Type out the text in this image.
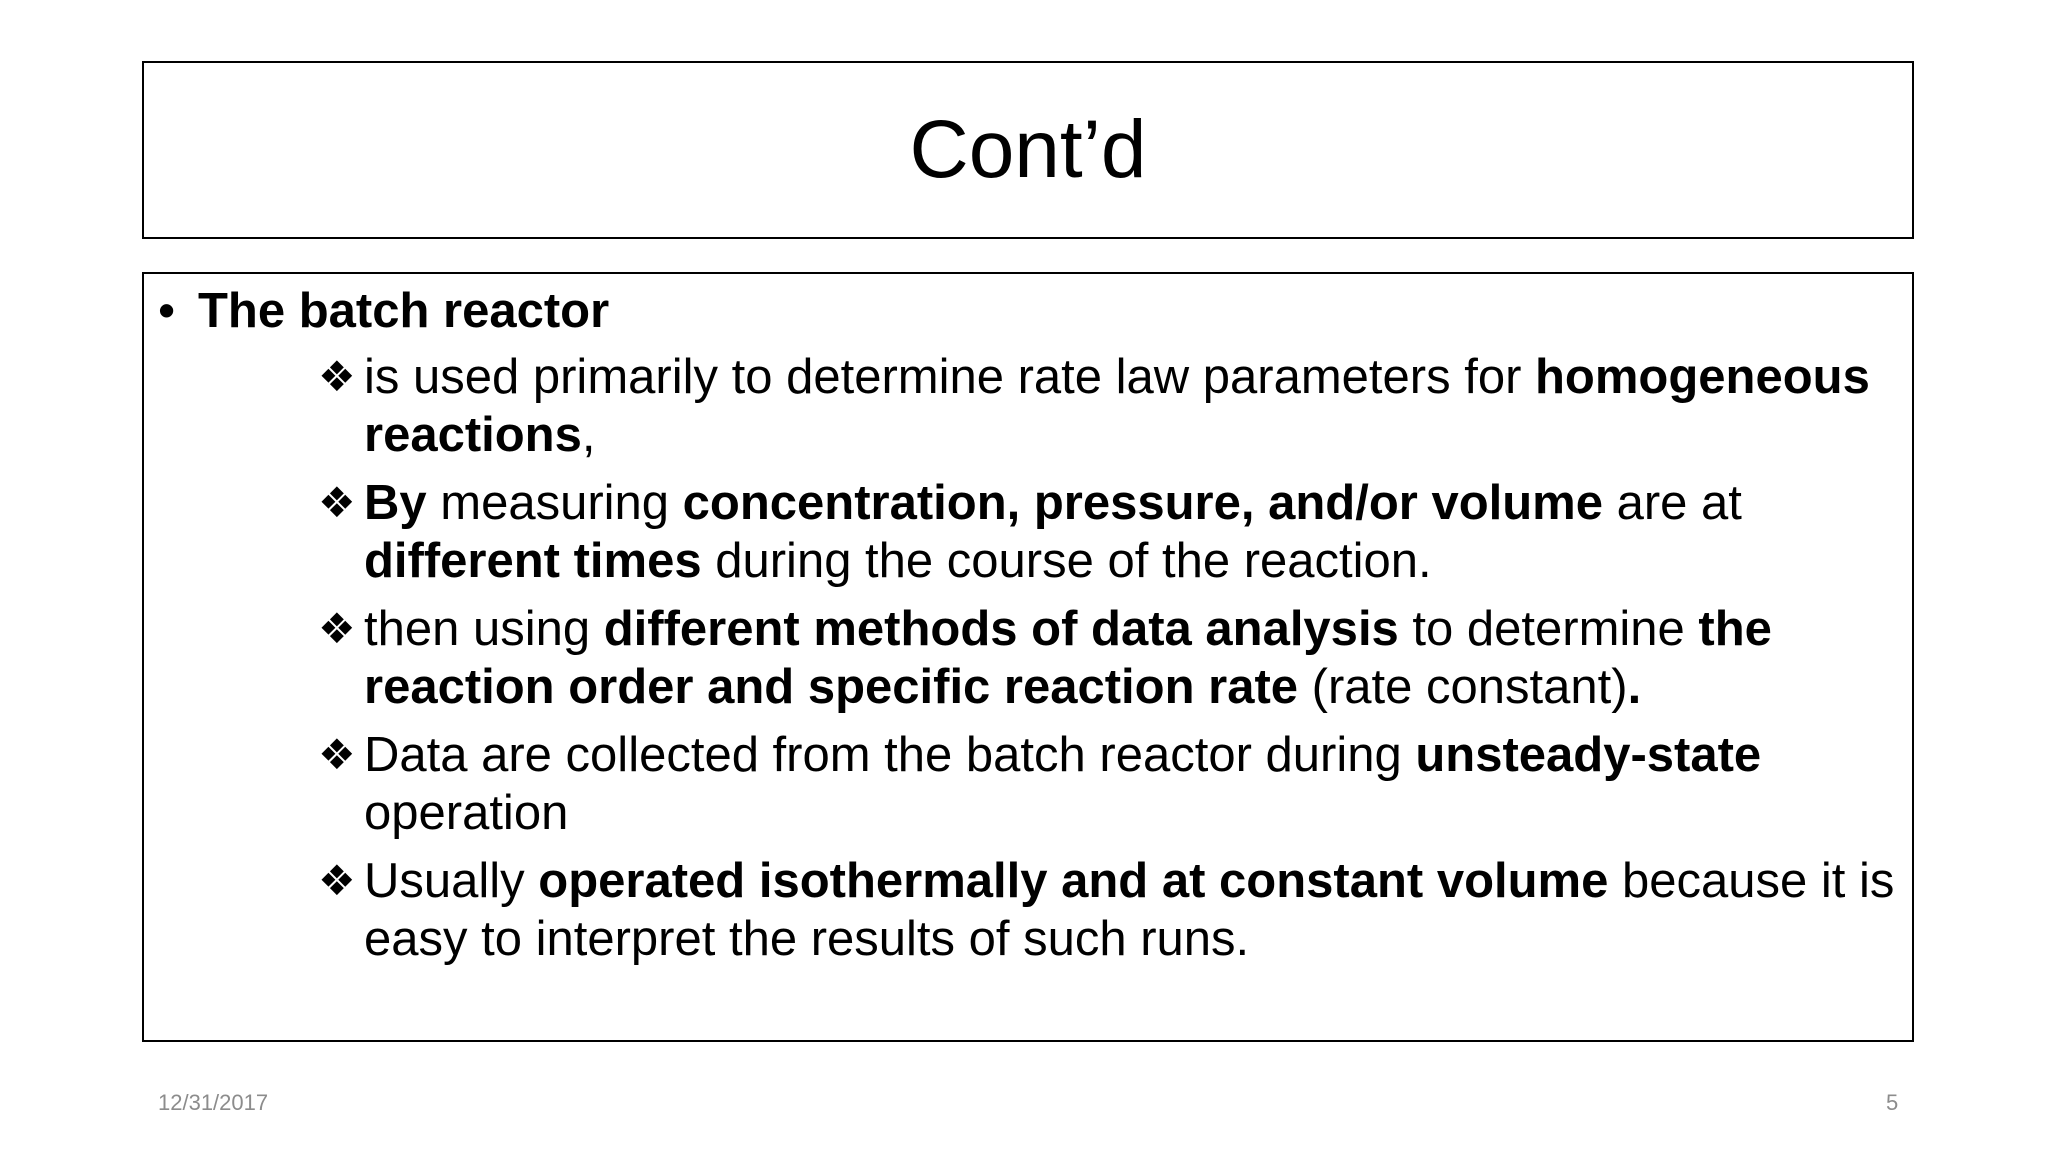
Cont’d
• The batch reactor
❖ is used primarily to determine rate law parameters for homogeneous reactions,
❖ By measuring concentration, pressure, and/or volume are at different times during the course of the reaction.
❖ then using different methods of data analysis to determine the reaction order and specific reaction rate (rate constant).
❖ Data are collected from the batch reactor during unsteady-state operation
❖ Usually operated isothermally and at constant volume because it is easy to interpret the results of such runs.
12/31/2017	5
